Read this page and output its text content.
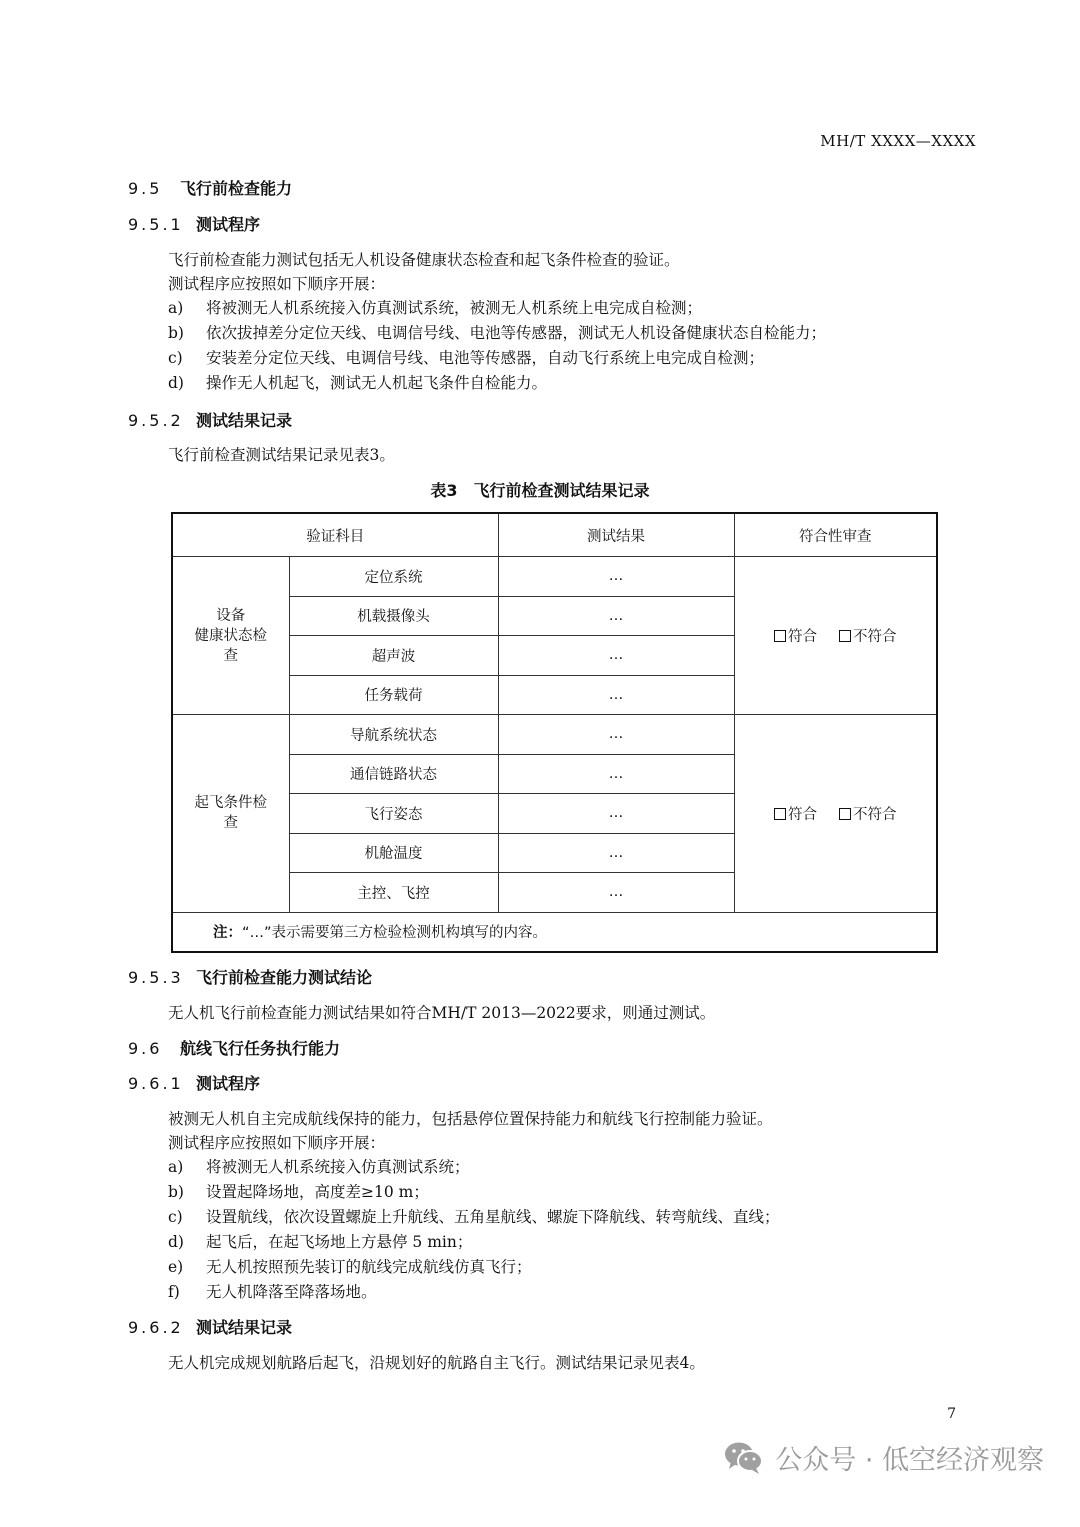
MH/T XXXX—XXXX
9.5 飞行前检查能力
9.5.1 测试程序
飞行前检查能力测试包括无人机设备健康状态检查和起飞条件检查的验证。
测试程序应按照如下顺序开展：
a) 将被测无人机系统接入仿真测试系统，被测无人机系统上电完成自检测；
b) 依次拔掉差分定位天线、电调信号线、电池等传感器，测试无人机设备健康状态自检能力；
c) 安装差分定位天线、电调信号线、电池等传感器，自动飞行系统上电完成自检测；
d) 操作无人机起飞，测试无人机起飞条件自检能力。
9.5.2 测试结果记录
飞行前检查测试结果记录见表3。
表3　飞行前检查测试结果记录
验证科目		测试结果	符合性审查
设备
健康状态检
查	定位系统	…	符合 不符合
	机载摄像头	…	
	超声波	…	
	任务载荷	…	
起飞条件检
查	导航系统状态	…	符合 不符合
	通信链路状态	…	
	飞行姿态	…	
	机舱温度	…	
	主控、飞控	…	
注：“…”表示需要第三方检验检测机构填写的内容。			
9.5.3 飞行前检查能力测试结论
无人机飞行前检查能力测试结果如符合MH/T 2013—2022要求，则通过测试。
9.6 航线飞行任务执行能力
9.6.1 测试程序
被测无人机自主完成航线保持的能力，包括悬停位置保持能力和航线飞行控制能力验证。
测试程序应按照如下顺序开展：
a) 将被测无人机系统接入仿真测试系统；
b) 设置起降场地，高度差≥10 m；
c) 设置航线，依次设置螺旋上升航线、五角星航线、螺旋下降航线、转弯航线、直线；
d) 起飞后，在起飞场地上方悬停 5 min；
e) 无人机按照预先装订的航线完成航线仿真飞行；
f) 无人机降落至降落场地。
9.6.2 测试结果记录
无人机完成规划航路后起飞，沿规划好的航路自主飞行。测试结果记录见表4。
7
公众号 · 低空经济观察
